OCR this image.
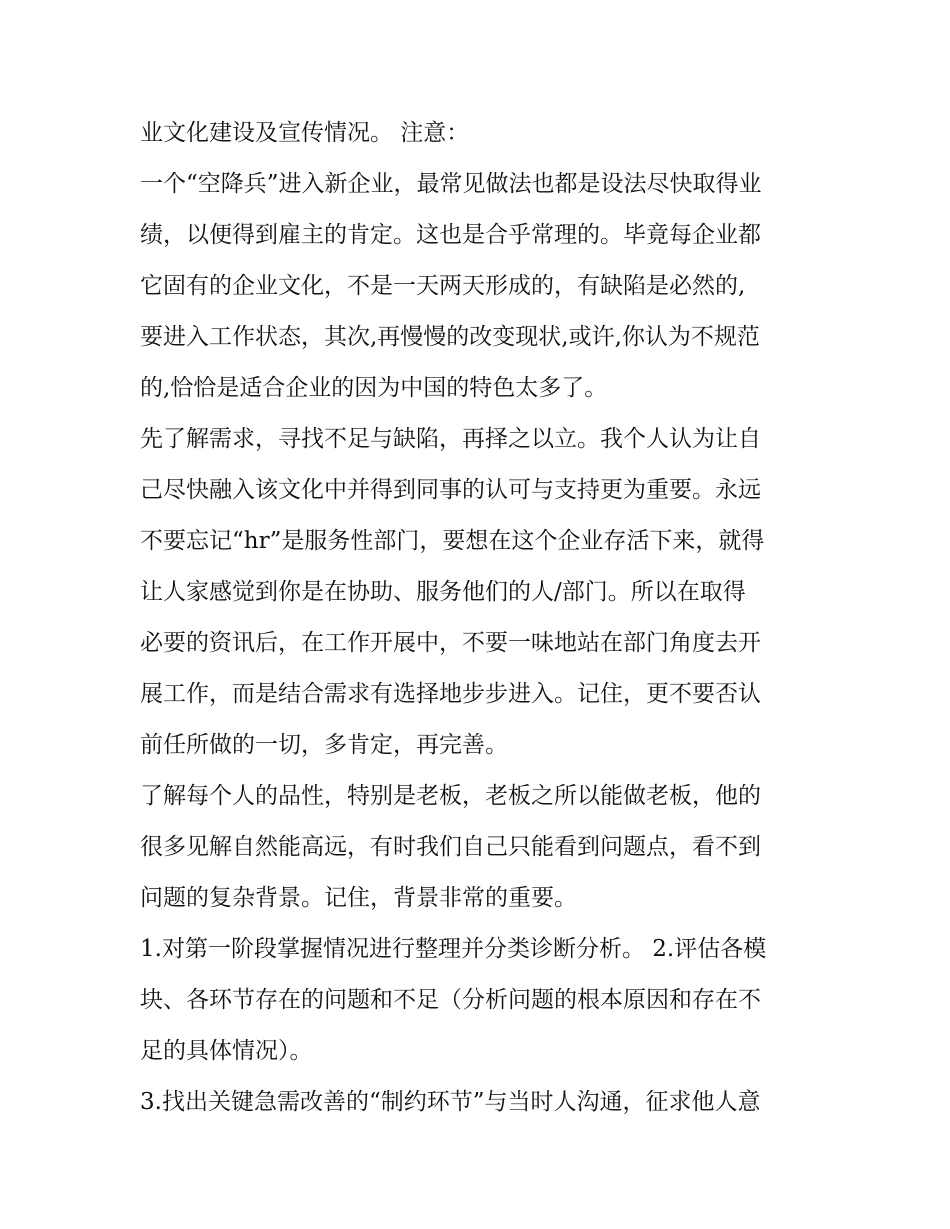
业文化建设及宣传情况。 注意：
一个“空降兵”进入新企业，最常见做法也都是设法尽快取得业
绩，以便得到雇主的肯定。这也是合乎常理的。毕竟每企业都
它固有的企业文化，不是一天两天形成的，有缺陷是必然的,
要进入工作状态，其次,再慢慢的改变现状,或许,你认为不规范
的,恰恰是适合企业的因为中国的特色太多了。
先了解需求，寻找不足与缺陷，再择之以立。我个人认为让自
己尽快融入该文化中并得到同事的认可与支持更为重要。永远
不要忘记“hr”是服务性部门，要想在这个企业存活下来，就得
让人家感觉到你是在协助、服务他们的人/部门。所以在取得
必要的资讯后，在工作开展中，不要一味地站在部门角度去开
展工作，而是结合需求有选择地步步进入。记住，更不要否认
前任所做的一切，多肯定，再完善。
了解每个人的品性，特别是老板，老板之所以能做老板，他的
很多见解自然能高远，有时我们自己只能看到问题点，看不到
问题的复杂背景。记住，背景非常的重要。
1.对第一阶段掌握情况进行整理并分类诊断分析。 2.评估各模
块、各环节存在的问题和不足（分析问题的根本原因和存在不
足的具体情况）。
3.找出关键急需改善的“制约环节”与当时人沟通，征求他人意
